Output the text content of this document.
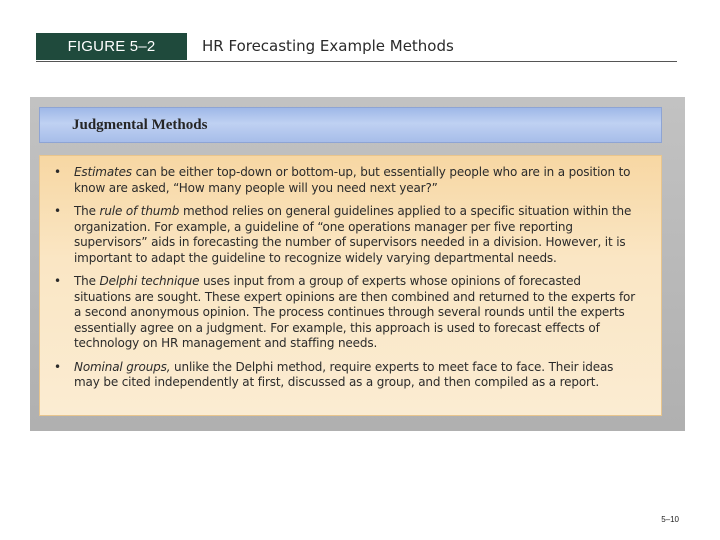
FIGURE 5–2	HR Forecasting Example Methods
Judgmental Methods
• Estimates can be either top-down or bottom-up, but essentially people who are in a position to know are asked, “How many people will you need next year?”
• The rule of thumb method relies on general guidelines applied to a specific situation within the organization. For example, a guideline of “one operations manager per five reporting supervisors” aids in forecasting the number of supervisors needed in a division. However, it is important to adapt the guideline to recognize widely varying departmental needs.
• The Delphi technique uses input from a group of experts whose opinions of forecasted situations are sought. These expert opinions are then combined and returned to the experts for a second anonymous opinion. The process continues through several rounds until the experts essentially agree on a judgment. For example, this approach is used to forecast effects of technology on HR management and staffing needs.
• Nominal groups, unlike the Delphi method, require experts to meet face to face. Their ideas may be cited independently at first, discussed as a group, and then compiled as a report.
5–10
